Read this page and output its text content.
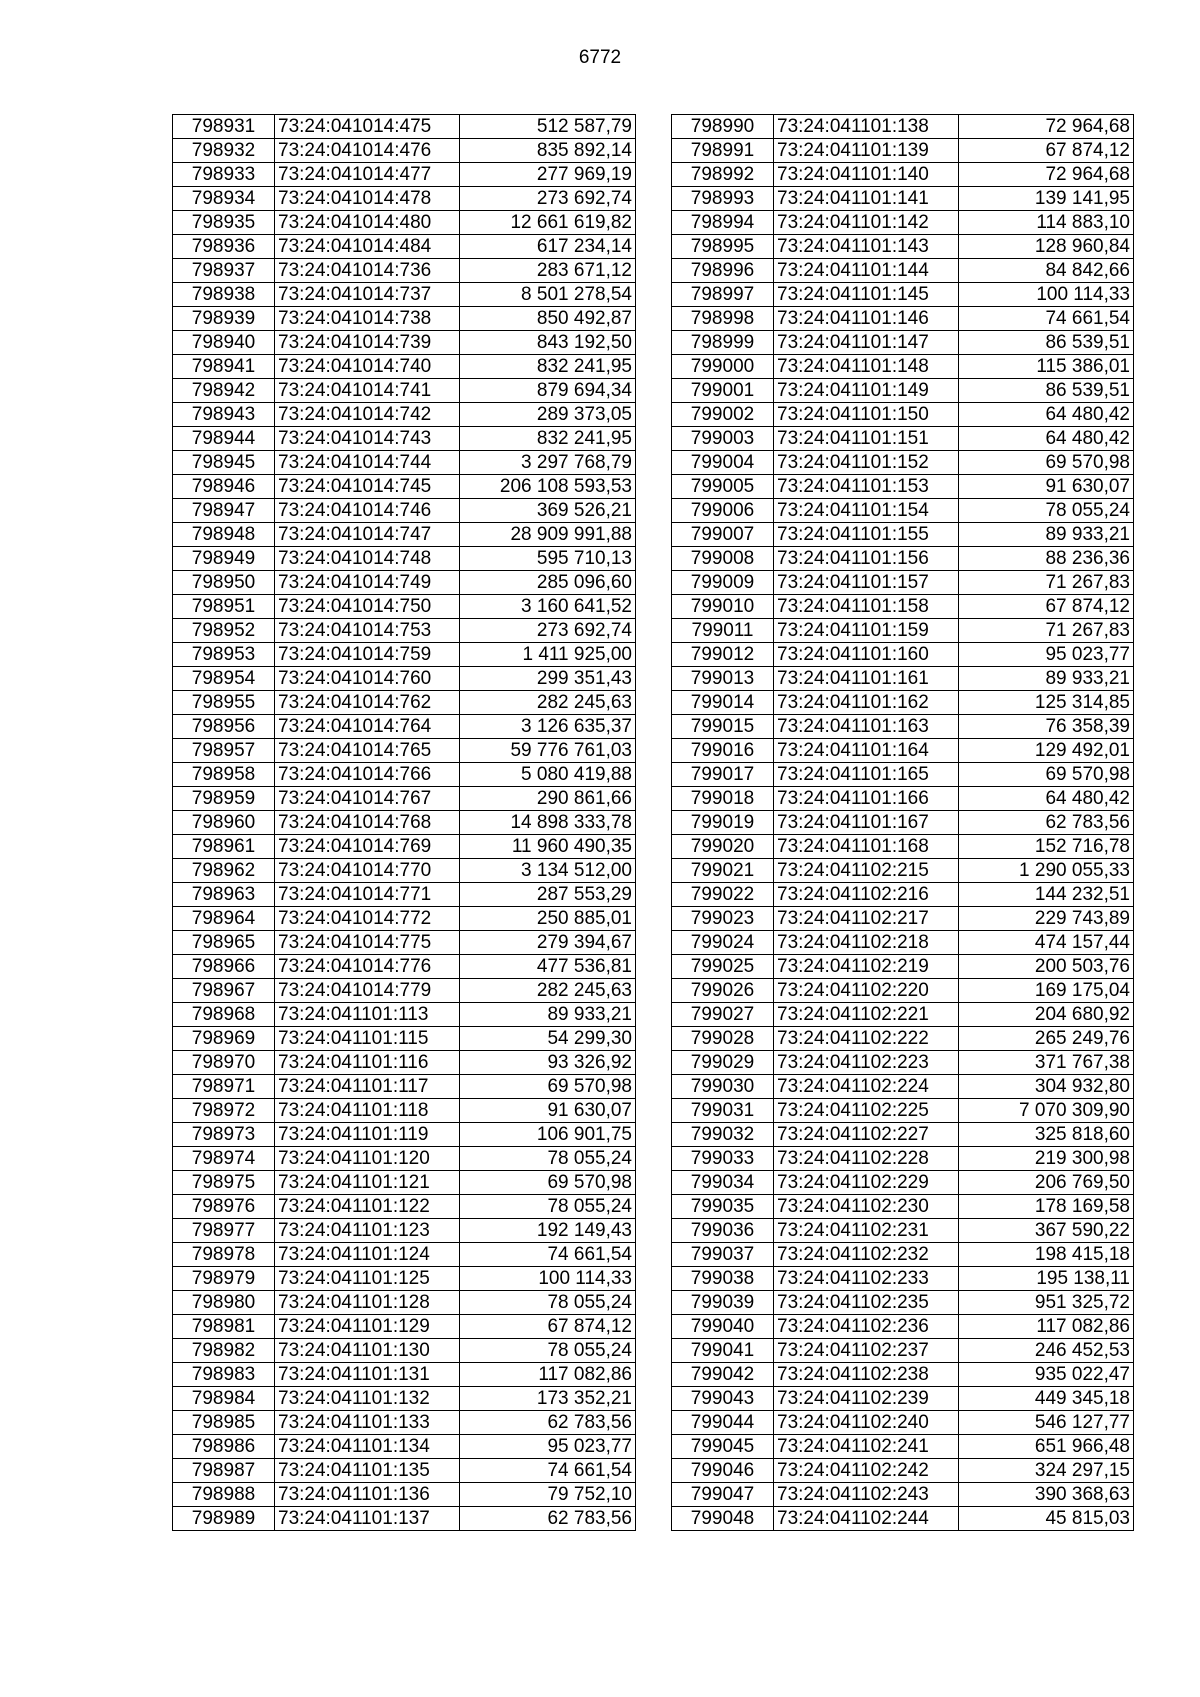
6772
798931	73:24:041014:475	512 587,79
798932	73:24:041014:476	835 892,14
798933	73:24:041014:477	277 969,19
798934	73:24:041014:478	273 692,74
798935	73:24:041014:480	12 661 619,82
798936	73:24:041014:484	617 234,14
798937	73:24:041014:736	283 671,12
798938	73:24:041014:737	8 501 278,54
798939	73:24:041014:738	850 492,87
798940	73:24:041014:739	843 192,50
798941	73:24:041014:740	832 241,95
798942	73:24:041014:741	879 694,34
798943	73:24:041014:742	289 373,05
798944	73:24:041014:743	832 241,95
798945	73:24:041014:744	3 297 768,79
798946	73:24:041014:745	206 108 593,53
798947	73:24:041014:746	369 526,21
798948	73:24:041014:747	28 909 991,88
798949	73:24:041014:748	595 710,13
798950	73:24:041014:749	285 096,60
798951	73:24:041014:750	3 160 641,52
798952	73:24:041014:753	273 692,74
798953	73:24:041014:759	1 411 925,00
798954	73:24:041014:760	299 351,43
798955	73:24:041014:762	282 245,63
798956	73:24:041014:764	3 126 635,37
798957	73:24:041014:765	59 776 761,03
798958	73:24:041014:766	5 080 419,88
798959	73:24:041014:767	290 861,66
798960	73:24:041014:768	14 898 333,78
798961	73:24:041014:769	11 960 490,35
798962	73:24:041014:770	3 134 512,00
798963	73:24:041014:771	287 553,29
798964	73:24:041014:772	250 885,01
798965	73:24:041014:775	279 394,67
798966	73:24:041014:776	477 536,81
798967	73:24:041014:779	282 245,63
798968	73:24:041101:113	89 933,21
798969	73:24:041101:115	54 299,30
798970	73:24:041101:116	93 326,92
798971	73:24:041101:117	69 570,98
798972	73:24:041101:118	91 630,07
798973	73:24:041101:119	106 901,75
798974	73:24:041101:120	78 055,24
798975	73:24:041101:121	69 570,98
798976	73:24:041101:122	78 055,24
798977	73:24:041101:123	192 149,43
798978	73:24:041101:124	74 661,54
798979	73:24:041101:125	100 114,33
798980	73:24:041101:128	78 055,24
798981	73:24:041101:129	67 874,12
798982	73:24:041101:130	78 055,24
798983	73:24:041101:131	117 082,86
798984	73:24:041101:132	173 352,21
798985	73:24:041101:133	62 783,56
798986	73:24:041101:134	95 023,77
798987	73:24:041101:135	74 661,54
798988	73:24:041101:136	79 752,10
798989	73:24:041101:137	62 783,56
798990	73:24:041101:138	72 964,68
798991	73:24:041101:139	67 874,12
798992	73:24:041101:140	72 964,68
798993	73:24:041101:141	139 141,95
798994	73:24:041101:142	114 883,10
798995	73:24:041101:143	128 960,84
798996	73:24:041101:144	84 842,66
798997	73:24:041101:145	100 114,33
798998	73:24:041101:146	74 661,54
798999	73:24:041101:147	86 539,51
799000	73:24:041101:148	115 386,01
799001	73:24:041101:149	86 539,51
799002	73:24:041101:150	64 480,42
799003	73:24:041101:151	64 480,42
799004	73:24:041101:152	69 570,98
799005	73:24:041101:153	91 630,07
799006	73:24:041101:154	78 055,24
799007	73:24:041101:155	89 933,21
799008	73:24:041101:156	88 236,36
799009	73:24:041101:157	71 267,83
799010	73:24:041101:158	67 874,12
799011	73:24:041101:159	71 267,83
799012	73:24:041101:160	95 023,77
799013	73:24:041101:161	89 933,21
799014	73:24:041101:162	125 314,85
799015	73:24:041101:163	76 358,39
799016	73:24:041101:164	129 492,01
799017	73:24:041101:165	69 570,98
799018	73:24:041101:166	64 480,42
799019	73:24:041101:167	62 783,56
799020	73:24:041101:168	152 716,78
799021	73:24:041102:215	1 290 055,33
799022	73:24:041102:216	144 232,51
799023	73:24:041102:217	229 743,89
799024	73:24:041102:218	474 157,44
799025	73:24:041102:219	200 503,76
799026	73:24:041102:220	169 175,04
799027	73:24:041102:221	204 680,92
799028	73:24:041102:222	265 249,76
799029	73:24:041102:223	371 767,38
799030	73:24:041102:224	304 932,80
799031	73:24:041102:225	7 070 309,90
799032	73:24:041102:227	325 818,60
799033	73:24:041102:228	219 300,98
799034	73:24:041102:229	206 769,50
799035	73:24:041102:230	178 169,58
799036	73:24:041102:231	367 590,22
799037	73:24:041102:232	198 415,18
799038	73:24:041102:233	195 138,11
799039	73:24:041102:235	951 325,72
799040	73:24:041102:236	117 082,86
799041	73:24:041102:237	246 452,53
799042	73:24:041102:238	935 022,47
799043	73:24:041102:239	449 345,18
799044	73:24:041102:240	546 127,77
799045	73:24:041102:241	651 966,48
799046	73:24:041102:242	324 297,15
799047	73:24:041102:243	390 368,63
799048	73:24:041102:244	45 815,03
